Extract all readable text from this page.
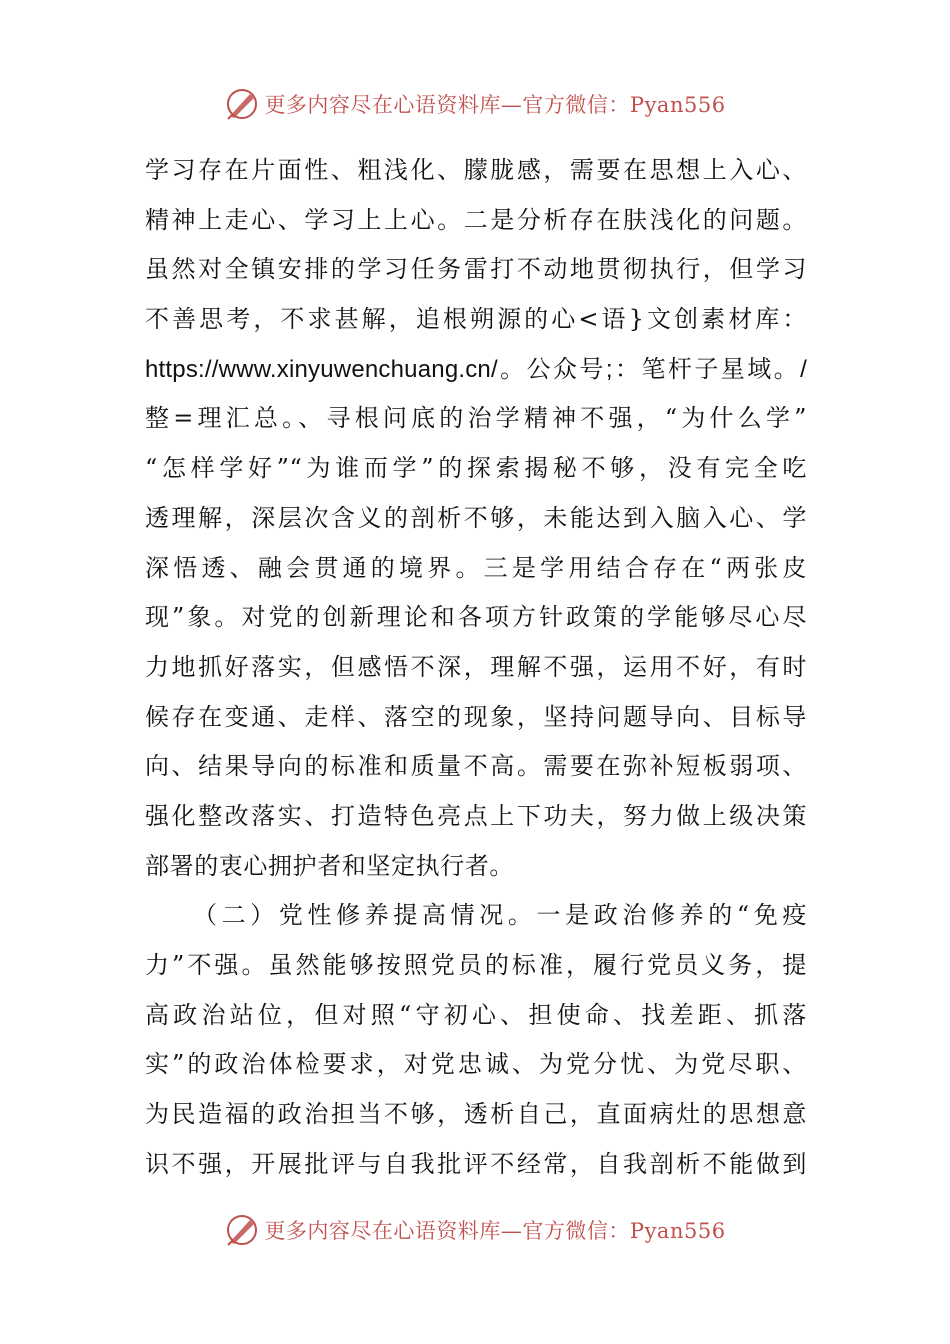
更多内容尽在心语资料库—官方微信：Pyan556
学习存在片面性、粗浅化、朦胧感，需要在思想上入心、
精神上走心、学习上上心。二是分析存在肤浅化的问题。
虽然对全镇安排的学习任务雷打不动地贯彻执行，但学习
不善思考，不求甚解，追根朔源的心<语}文创素材库：
https://www.xinyuwenchuang.cn/。公众号;：笔杆子星域。/
整=理汇总。、寻根问底的治学精神不强，“为什么学”
“怎样学好”“为谁而学”的探索揭秘不够，没有完全吃
透理解，深层次含义的剖析不够，未能达到入脑入心、学
深悟透、融会贯通的境界。三是学用结合存在“两张皮
现”象。对党的创新理论和各项方针政策的学能够尽心尽
力地抓好落实，但感悟不深，理解不强，运用不好，有时
候存在变通、走样、落空的现象，坚持问题导向、目标导
向、结果导向的标准和质量不高。需要在弥补短板弱项、
强化整改落实、打造特色亮点上下功夫，努力做上级决策
部署的衷心拥护者和坚定执行者。
（二）党性修养提高情况。一是政治修养的“免疫
力”不强。虽然能够按照党员的标准，履行党员义务，提
高政治站位，但对照“守初心、担使命、找差距、抓落
实”的政治体检要求，对党忠诚、为党分忧、为党尽职、
为民造福的政治担当不够，透析自己，直面病灶的思想意
识不强，开展批评与自我批评不经常，自我剖析不能做到
更多内容尽在心语资料库—官方微信：Pyan556
